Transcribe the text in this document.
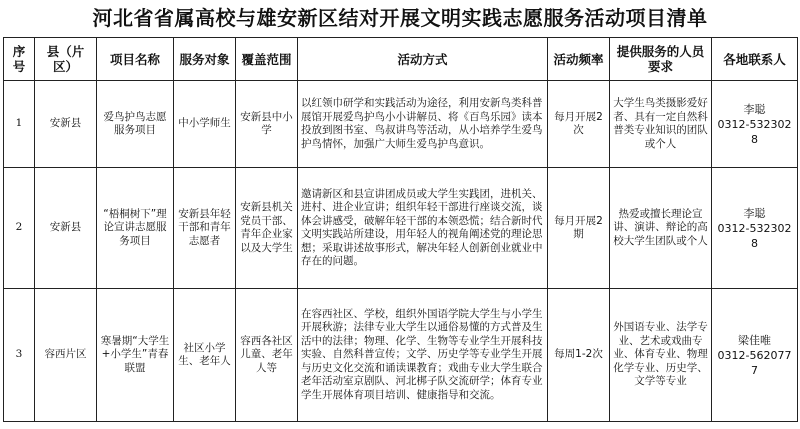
河北省省属高校与雄安新区结对开展文明实践志愿服务活动项目清单
序号	县（片区）	项目名称	服务对象	覆盖范围	活动方式	活动频率	提供服务的人员要求	各地联系人
1	安新县	爱鸟护鸟志愿服务项目	中小学师生	安新县中小学	以红领巾研学和实践活动为途径，利用安新鸟类科普展馆开展爱鸟护鸟小小讲解员、将《百鸟乐园》读本投放到图书室、鸟叔讲鸟等活动，从小培养学生爱鸟护鸟情怀，加强广大师生爱鸟护鸟意识。	每月开展2次	大学生鸟类摄影爱好者、具有一定自然科普类专业知识的团队或个人	李聪
0312-5323028

2	安新县	“梧桐树下”理论宣讲志愿服务项目	安新县年轻干部和青年志愿者	安新县机关党员干部、青年企业家以及大学生	邀请新区和县宣讲团成员或大学生实践团，进机关、进村、进企业宣讲；组织年轻干部进行座谈交流，谈体会讲感受，破解年轻干部的本领恐慌；结合新时代文明实践站所建设，用年轻人的视角阐述党的理论思想；采取讲述故事形式，解决年轻人创新创业就业中存在的问题。	每月开展2期	热爱或擅长理论宣讲、演讲、辩论的高校大学生团队或个人	李聪
0312-5323028

3	容西片区	寒暑期“大学生+小学生”青春联盟	社区小学生、老年人	容西各社区儿童、老年人等	在容西社区、学校，组织外国语学院大学生与小学生开展秋游；法律专业大学生以通俗易懂的方式普及生活中的法律；物理、化学、生物等专业学生开展科技实验、自然科普宣传；文学、历史学等专业学生开展与历史文化交流和诵读课教育；戏曲专业大学生联合老年活动室京剧队、河北梆子队交流研学；体育专业学生开展体育项目培训、健康指导和交流。	每周1-2次	外国语专业、法学专业、艺术或戏曲专业、体育专业、物理化学专业、历史学、文学等专业	梁佳唯
0312-5620777
